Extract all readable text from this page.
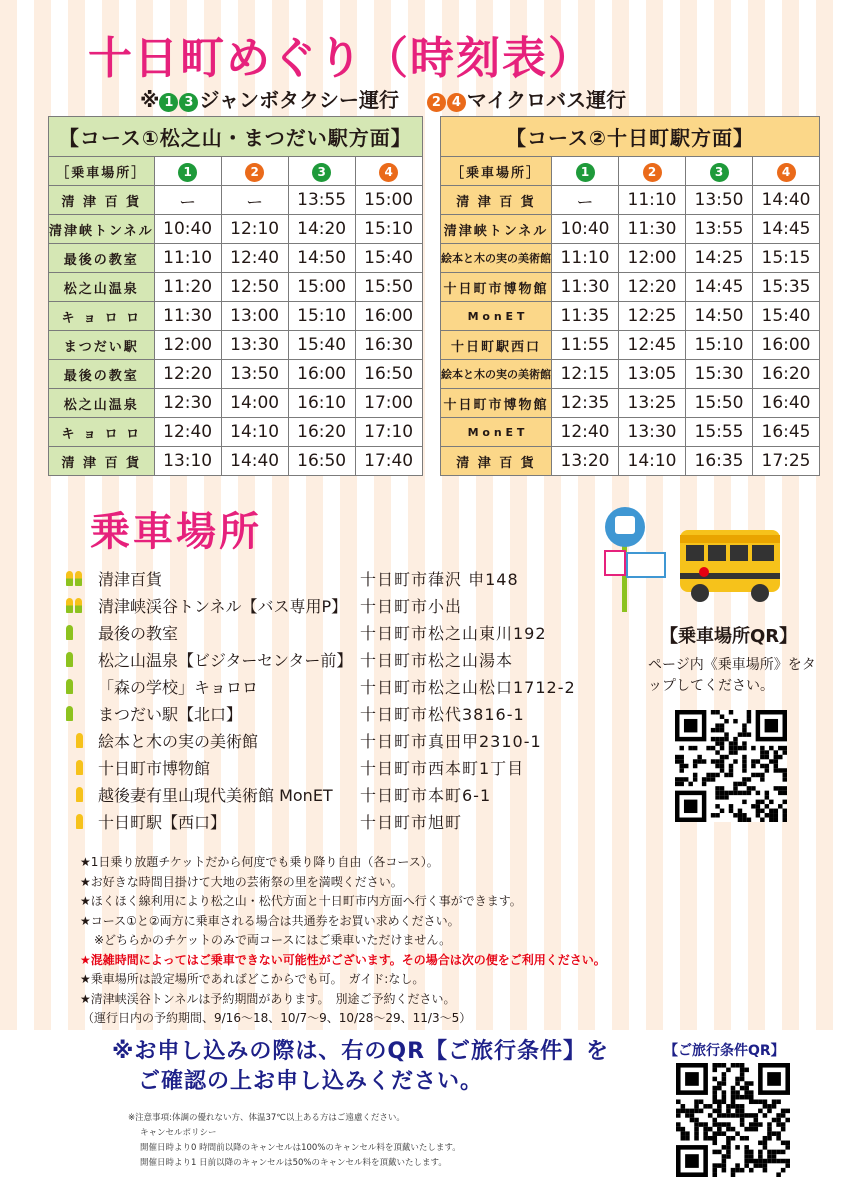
十日町めぐり（時刻表）
※ 1 3 ジャンボタクシー運行	2 4 マイクロバス運行
【コース①松之山・まつだい駅方面】				
［乗車場所］	1	2	3	4
清 津 百 貨	ー	ー	13:55	15:00
清津峡トンネル	10:40	12:10	14:20	15:10
最後の教室	11:10	12:40	14:50	15:40
松之山温泉	11:20	12:50	15:00	15:50
キ ョ ロ ロ	11:30	13:00	15:10	16:00
まつだい駅	12:00	13:30	15:40	16:30
最後の教室	12:20	13:50	16:00	16:50
松之山温泉	12:30	14:00	16:10	17:00
キ ョ ロ ロ	12:40	14:10	16:20	17:10
清 津 百 貨	13:10	14:40	16:50	17:40
【コース②十日町駅方面】				
［乗車場所］	1	2	3	4
清 津 百 貨	ー	11:10	13:50	14:40
清津峡トンネル	10:40	11:30	13:55	14:45
絵本と木の実の美術館	11:10	12:00	14:25	15:15
十日町市博物館	11:30	12:20	14:45	15:35
M o n E T	11:35	12:25	14:50	15:40
十日町駅西口	11:55	12:45	15:10	16:00
絵本と木の実の美術館	12:15	13:05	15:30	16:20
十日町市博物館	12:35	13:25	15:50	16:40
M o n E T	12:40	13:30	15:55	16:45
清 津 百 貨	13:20	14:10	16:35	17:25
乗車場所
清津百貨	十日町市葎沢 申148
清津峡渓谷トンネル【バス専用P】 十日町市小出
最後の教室	十日町市松之山東川192
松之山温泉【ビジターセンター前】 十日町市松之山湯本
「森の学校」キョロロ	十日町市松之山松口1712-2
まつだい駅【北口】	十日町市松代3816-1
絵本と木の実の美術館	十日町市真田甲2310-1
十日町市博物館	十日町市西本町1丁目
越後妻有里山現代美術館 MonET	十日町市本町6-1
十日町駅【西口】	十日町市旭町
【乗車場所QR】
ページ内《乗車場所》をタップしてください。
★1日乗り放題チケットだから何度でも乗り降り自由（各コース）。
★お好きな時間目掛けて大地の芸術祭の里を満喫ください。
★ほくほく線利用により松之山・松代方面と十日町市内方面へ行く事ができます。
★コース①と②両方に乗車される場合は共通券をお買い求めください。
※どちらかのチケットのみで両コースにはご乗車いただけません。
★混雑時間によってはご乗車できない可能性がございます。その場合は次の便をご利用ください。
★乗車場所は設定場所であればどこからでも可。　ガイド:なし。
★清津峡渓谷トンネルは予約期間があります。　別途ご予約ください。
（運行日内の予約期間、9/16～18、10/7～9、10/28～29、11/3～5）
※お申し込みの際は、右のQR【ご旅行条件】を
ご確認の上お申し込みください。
【ご旅行条件QR】
※注意事項:体調の優れない方、体温37℃以上ある方はご遠慮ください。
キャンセルポリシー
開催日時より0 時間前以降のキャンセルは100%のキャンセル料を頂戴いたします。
開催日時より1 日前以降のキャンセルは50%のキャンセル料を頂戴いたします。
